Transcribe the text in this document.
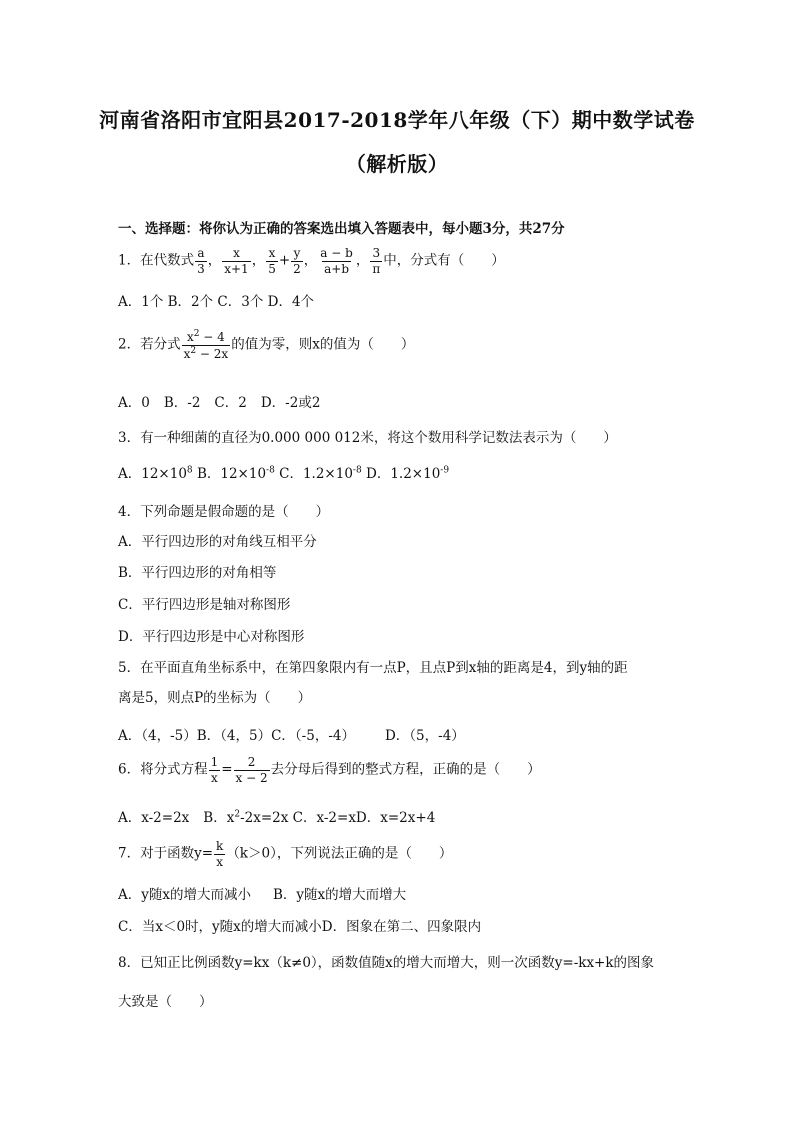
河南省洛阳市宜阳县2017-2018学年八年级（下）期中数学试卷
（解析版）
一、选择题：将你认为正确的答案选出填入答题表中，每小题3分，共27分
1．在代数式 $\frac{a}{3}$ ， $\frac{x}{x+1}$ ， $\frac{x}{5} + \frac{y}{2}$ ， $\frac{a - b}{a+b}$ ， $\frac{3}{\pi}$ 中，分式有（　　）
A．1个 B．2个 C．3个 D．4个
2．若分式 $\frac{x^2 - 4}{x^2 - 2x}$ 的值为零，则x的值为（　　）
A．0 B．-2 C．2 D．-2或2
3．有一种细菌的直径为0.000 000 012米，将这个数用科学记数法表示为（　　）
A．$12\times 10^8$ B．$12\times 10^{-8}$ C．$1.2\times 10^{-8}$ D．$1.2\times 10^{-9}$
4．下列命题是假命题的是（　　）
A．平行四边形的对角线互相平分
B．平行四边形的对角相等
C．平行四边形是轴对称图形
D．平行四边形是中心对称图形
5．在平面直角坐标系中，在第四象限内有一点P，且点P到x轴的距离是4，到y轴的距
离是5，则点P的坐标为（　　）
A．（4，-5）B．（4，5）C．（-5，-4） D．（5，-4）
6．将分式方程 $\frac{1}{x} = \frac{2}{x - 2}$ 去分母后得到的整式方程，正确的是（　　）
A．x-2=2x B．$x^2-2x=2x$ C．x-2=xD．x=2x+4
7．对于函数$y= \frac{k}{x} (k>0)$，下列说法正确的是（　　）
A．y随x的增大而减小 B．y随x的增大而增大
C．当x＜0时，y随x的增大而减小D．图象在第二、四象限内
8．已知正比例函数y=kx（k≠0），函数值随x的增大而增大，则一次函数y=-kx+k的图象
大致是（　　）
